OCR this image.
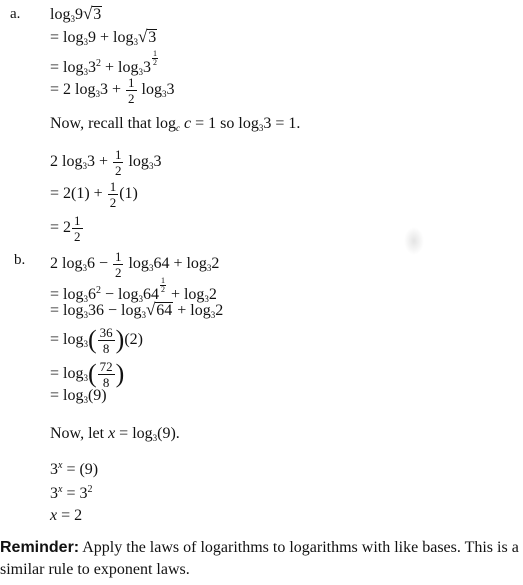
a. $\log_39√3$
= $\log_39 + \log_3√3$
= $\log_33^2 + \log_33$
$\frac{1}{2}$
= 2 $\log_33 + \frac{1}{2} \log_33$
Now, recall that $\log_c c = 1$ so $\log_33 = 1$.
2 $\log_33 + \frac{1}{2} \log_33$
= $2(1) + \frac{1}{2} (1)$
= $2 \frac{1}{2}$
b. 2 $\log_36 - \frac{1}{2} \log_364 + \log_32$
= $\log_36^2 - \log_364$
$\frac{1}{2}$
+ $\log_32$
= $\log_336 - \log_3√64 + \log_32$
= $\log_3( \frac{36}{8} )(2)$
= $\log_3( \frac{72}{8}$ )
= $\log_3(9)$
Now, let $x = \log_3(9)$.
$3^x = (9)$
$3^x = 3^2$
x = 2
Reminder: Apply the laws of logarithms to logarithms with like bases. This is a similar rule to exponent laws.
